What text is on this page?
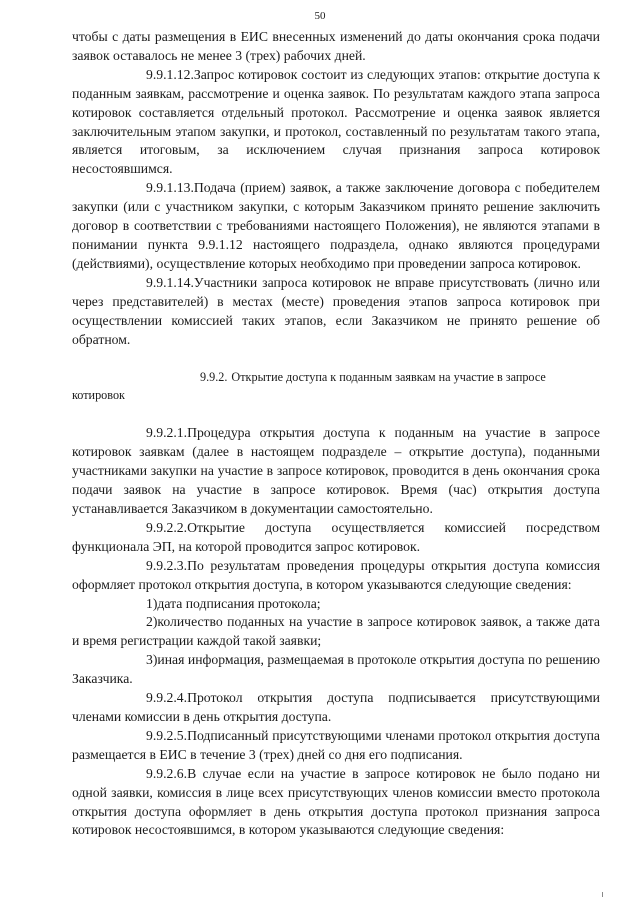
50

чтобы с даты размещения в ЕИС внесенных изменений до даты окончания срока подачи заявок оставалось не менее 3 (трех) рабочих дней.

9.9.1.12.Запрос котировок состоит из следующих этапов: открытие доступа к поданным заявкам, рассмотрение и оценка заявок. По результатам каждого этапа запроса котировок составляется отдельный протокол. Рассмотрение и оценка заявок является заключительным этапом закупки, и протокол, составленный по результатам такого этапа, является итоговым, за исключением случая признания запроса котировок несостоявшимся.

9.9.1.13.Подача (прием) заявок, а также заключение договора с победителем закупки (или с участником закупки, с которым Заказчиком принято решение заключить договор в соответствии с требованиями настоящего Положения), не являются этапами в понимании пункта 9.9.1.12 настоящего подраздела, однако являются процедурами (действиями), осуществление которых необходимо при проведении запроса котировок.

9.9.1.14.Участники запроса котировок не вправе присутствовать (лично или через представителей) в местах (месте) проведения этапов запроса котировок при осуществлении комиссией таких этапов, если Заказчиком не принято решение об обратном.

9.9.2. Открытие доступа к поданным заявкам на участие в запросе котировок

9.9.2.1.Процедура открытия доступа к поданным на участие в запросе котировок заявкам (далее в настоящем подразделе – открытие доступа), поданными участниками закупки на участие в запросе котировок, проводится в день окончания срока подачи заявок на участие в запросе котировок. Время (час) открытия доступа устанавливается Заказчиком в документации самостоятельно.

9.9.2.2.Открытие доступа осуществляется комиссией посредством функционала ЭП, на которой проводится запрос котировок.

9.9.2.3.По результатам проведения процедуры открытия доступа комиссия оформляет протокол открытия доступа, в котором указываются следующие сведения:

1)дата подписания протокола;

2)количество поданных на участие в запросе котировок заявок, а также дата и время регистрации каждой такой заявки;

3)иная информация, размещаемая в протоколе открытия доступа по решению Заказчика.

9.9.2.4.Протокол открытия доступа подписывается присутствующими членами комиссии в день открытия доступа.

9.9.2.5.Подписанный присутствующими членами протокол открытия доступа размещается в ЕИС в течение 3 (трех) дней со дня его подписания.

9.9.2.6.В случае если на участие в запросе котировок не было подано ни одной заявки, комиссия в лице всех присутствующих членов комиссии вместо протокола открытия доступа оформляет в день открытия доступа протокол признания запроса котировок несостоявшимся, в котором указываются следующие сведения:
